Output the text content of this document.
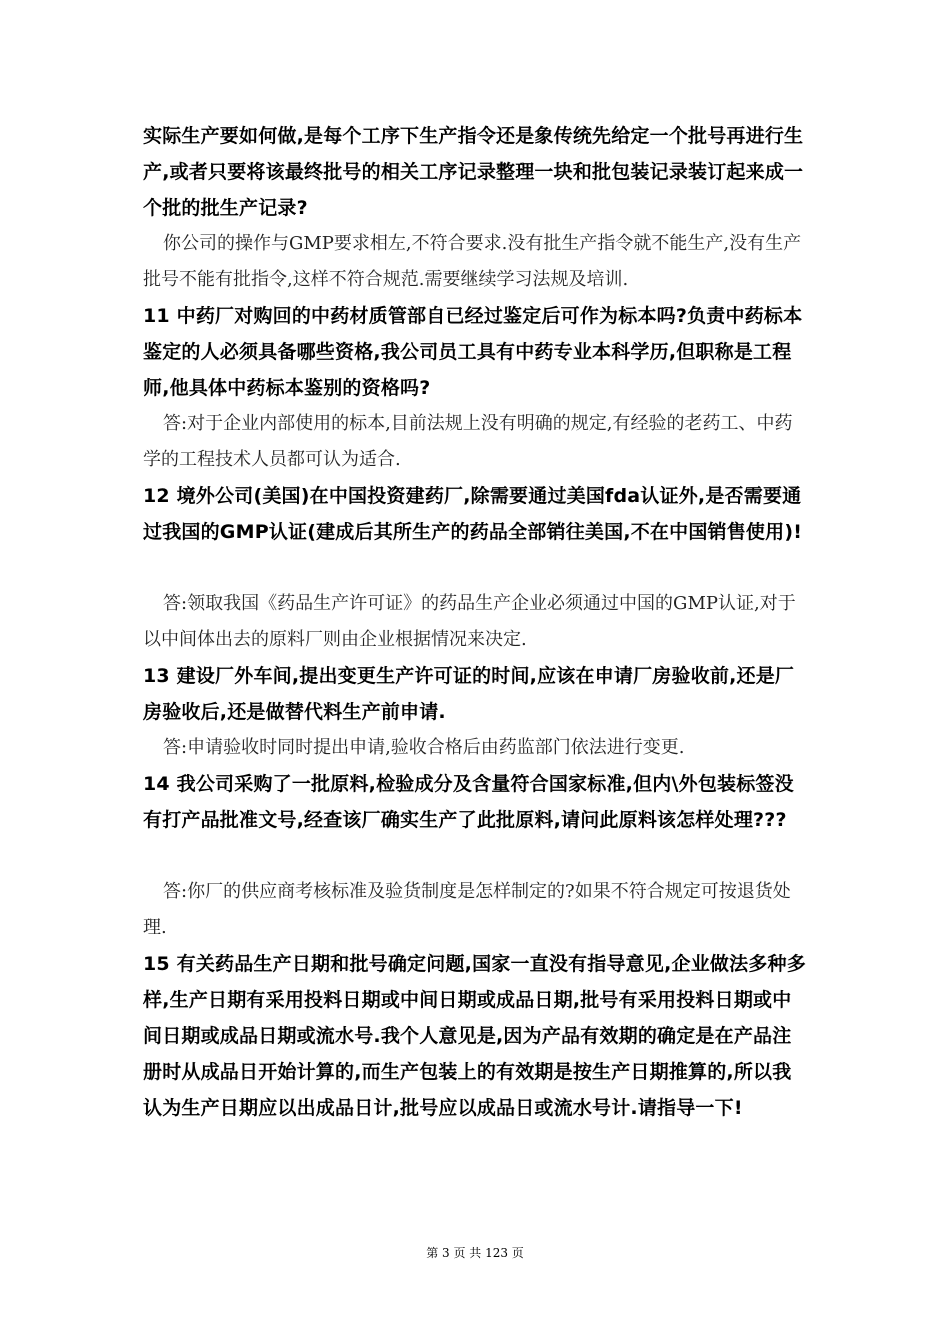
实际生产要如何做,是每个工序下生产指令还是象传统先给定一个批号再进行生产,或者只要将该最终批号的相关工序记录整理一块和批包装记录装订起来成一个批的批生产记录?

你公司的操作与GMP要求相左,不符合要求.没有批生产指令就不能生产,没有生产批号不能有批指令,这样不符合规范.需要继续学习法规及培训.

11 中药厂对购回的中药材质管部自已经过鉴定后可作为标本吗?负责中药标本鉴定的人必须具备哪些资格,我公司员工具有中药专业本科学历,但职称是工程师,他具体中药标本鉴别的资格吗?

答:对于企业内部使用的标本,目前法规上没有明确的规定,有经验的老药工、中药学的工程技术人员都可认为适合.

12 境外公司(美国)在中国投资建药厂,除需要通过美国fda认证外,是否需要通过我国的GMP认证(建成后其所生产的药品全部销往美国,不在中国销售使用)!

答:领取我国《药品生产许可证》的药品生产企业必须通过中国的GMP认证,对于以中间体出去的原料厂则由企业根据情况来决定.

13 建设厂外车间,提出变更生产许可证的时间,应该在申请厂房验收前,还是厂房验收后,还是做替代料生产前申请.

答:申请验收时同时提出申请,验收合格后由药监部门依法进行变更.

14 我公司采购了一批原料,检验成分及含量符合国家标准,但内\外包装标签没有打产品批准文号,经查该厂确实生产了此批原料,请问此原料该怎样处理???

答:你厂的供应商考核标准及验货制度是怎样制定的?如果不符合规定可按退货处理.

15 有关药品生产日期和批号确定问题,国家一直没有指导意见,企业做法多种多样,生产日期有采用投料日期或中间日期或成品日期,批号有采用投料日期或中间日期或成品日期或流水号.我个人意见是,因为产品有效期的确定是在产品注册时从成品日开始计算的,而生产包装上的有效期是按生产日期推算的,所以我认为生产日期应以出成品日计,批号应以成品日或流水号计.请指导一下!

第 3 页 共 123 页
